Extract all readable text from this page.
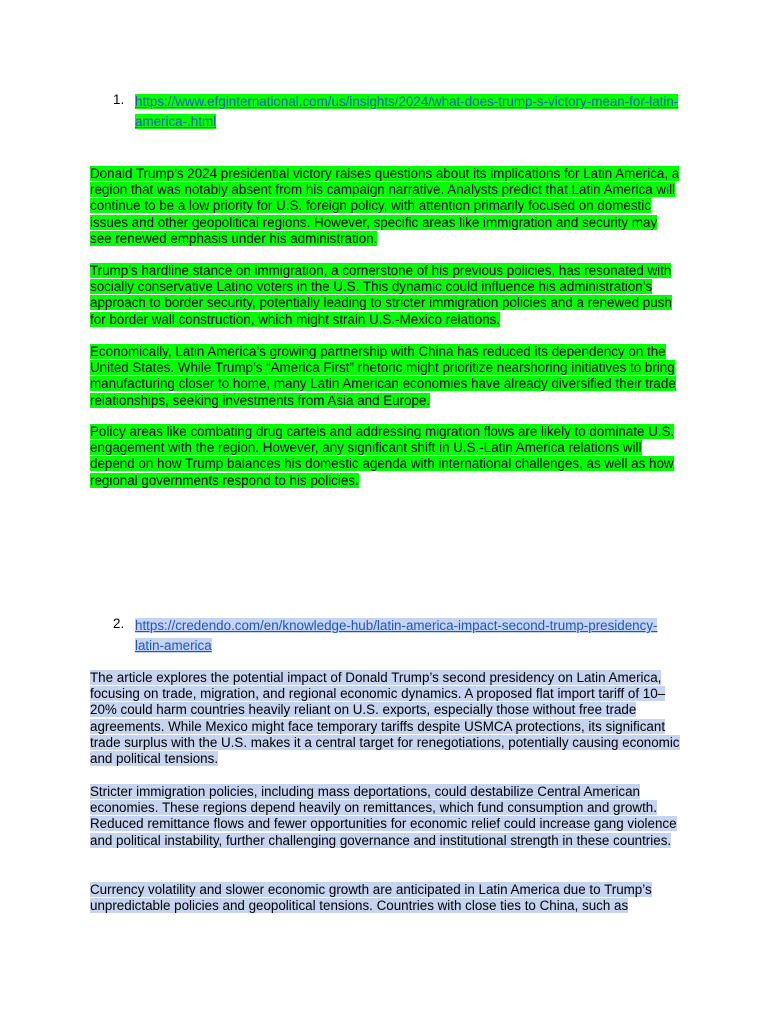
1. https://www.efginternational.com/us/insights/2024/what-does-trump-s-victory-mean-for-latin-america-.html

Donald Trump’s 2024 presidential victory raises questions about its implications for Latin America, a region that was notably absent from his campaign narrative. Analysts predict that Latin America will continue to be a low priority for U.S. foreign policy, with attention primarily focused on domestic issues and other geopolitical regions. However, specific areas like immigration and security may see renewed emphasis under his administration.

Trump’s hardline stance on immigration, a cornerstone of his previous policies, has resonated with socially conservative Latino voters in the U.S. This dynamic could influence his administration’s approach to border security, potentially leading to stricter immigration policies and a renewed push for border wall construction, which might strain U.S.-Mexico relations.

Economically, Latin America’s growing partnership with China has reduced its dependency on the United States. While Trump’s “America First” rhetoric might prioritize nearshoring initiatives to bring manufacturing closer to home, many Latin American economies have already diversified their trade relationships, seeking investments from Asia and Europe.

Policy areas like combating drug cartels and addressing migration flows are likely to dominate U.S. engagement with the region. However, any significant shift in U.S.-Latin America relations will depend on how Trump balances his domestic agenda with international challenges, as well as how regional governments respond to his policies.

2. https://credendo.com/en/knowledge-hub/latin-america-impact-second-trump-presidency-latin-america

The article explores the potential impact of Donald Trump’s second presidency on Latin America, focusing on trade, migration, and regional economic dynamics. A proposed flat import tariff of 10–20% could harm countries heavily reliant on U.S. exports, especially those without free trade agreements. While Mexico might face temporary tariffs despite USMCA protections, its significant trade surplus with the U.S. makes it a central target for renegotiations, potentially causing economic and political tensions.

Stricter immigration policies, including mass deportations, could destabilize Central American economies. These regions depend heavily on remittances, which fund consumption and growth. Reduced remittance flows and fewer opportunities for economic relief could increase gang violence and political instability, further challenging governance and institutional strength in these countries.

Currency volatility and slower economic growth are anticipated in Latin America due to Trump’s unpredictable policies and geopolitical tensions. Countries with close ties to China, such as
